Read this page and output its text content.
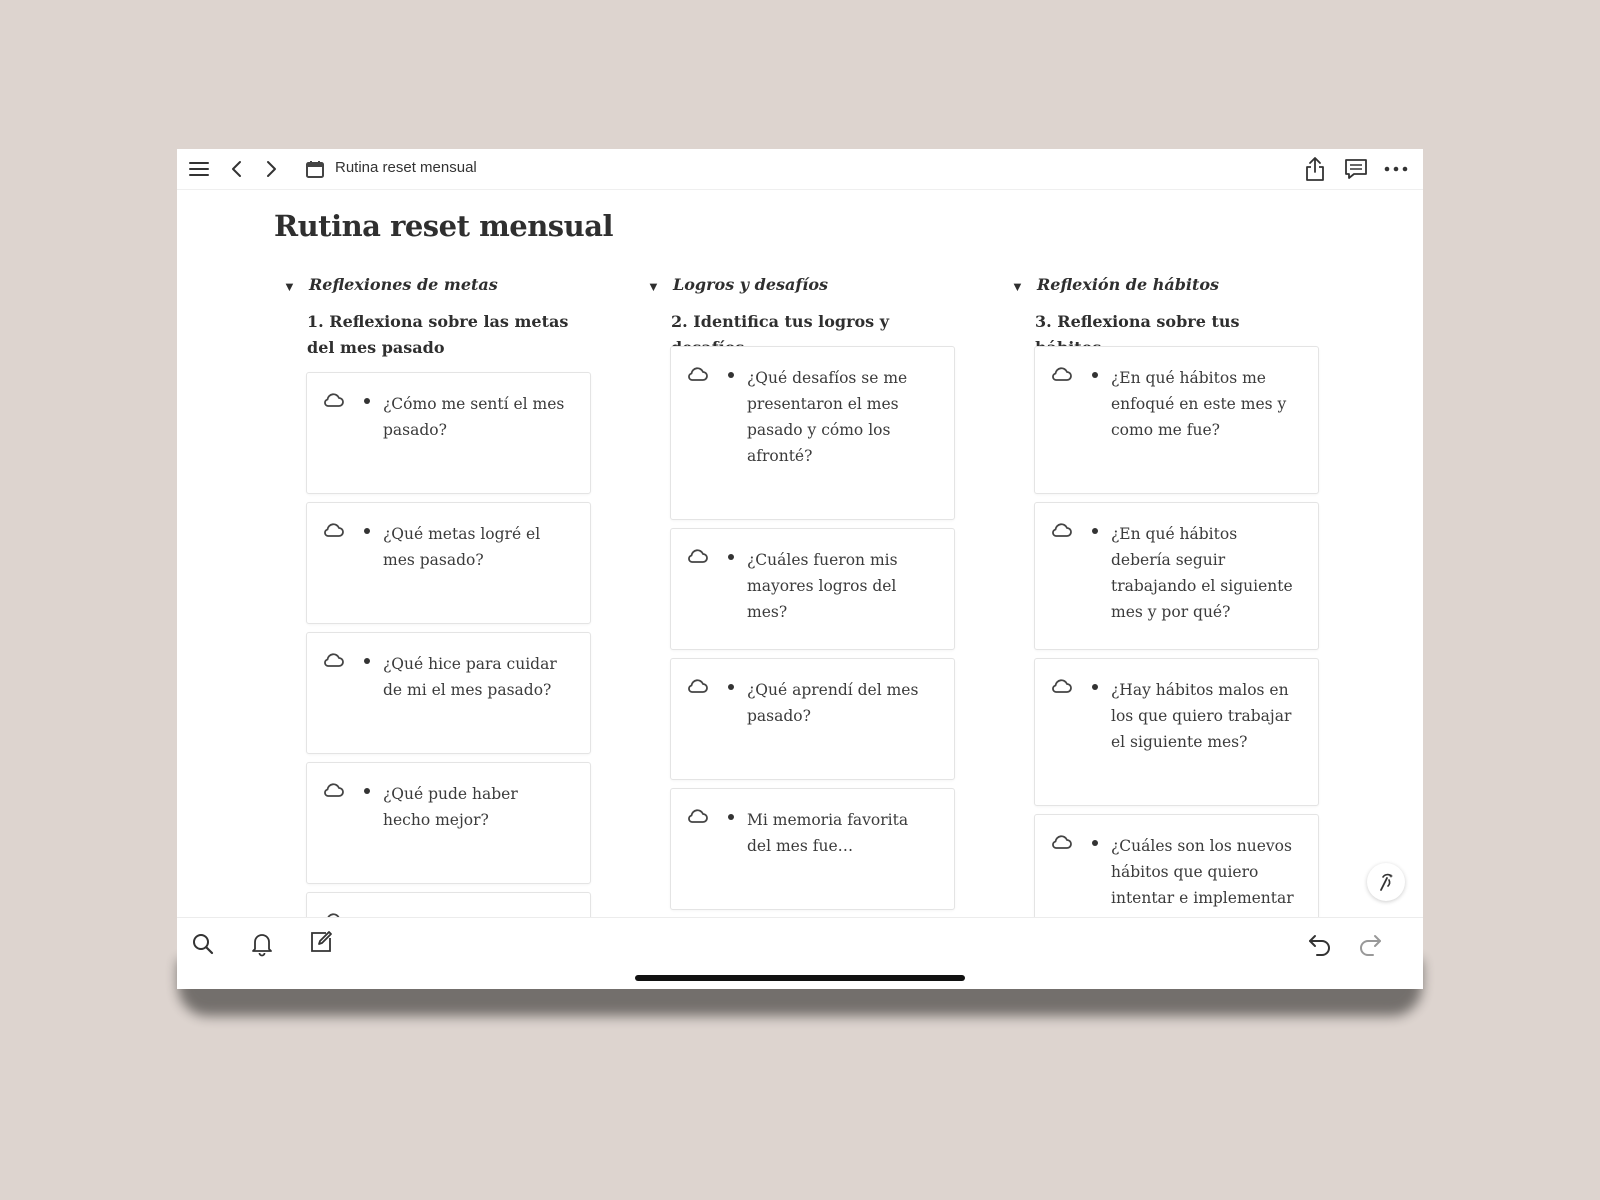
Rutina reset mensual
Rutina reset mensual
▼ Reflexiones de metas
1. Reflexiona sobre las metas del mes pasado
¿Cómo me sentí el mes pasado?
¿Qué metas logré el mes pasado?
¿Qué hice para cuidar de mi el mes pasado?
¿Qué pude haber hecho mejor?
▼ Logros y desafíos
2. Identifica tus logros y
¿Qué desafíos se me presentaron el mes pasado y cómo los afronté?
¿Cuáles fueron mis mayores logros del mes?
¿Qué aprendí del mes pasado?
Mi memoria favorita del mes fue…
▼ Reflexión de hábitos
3. Reflexiona sobre tus
¿En qué hábitos me enfoqué en este mes y como me fue?
¿En qué hábitos debería seguir trabajando el siguiente mes y por qué?
¿Hay hábitos malos en los que quiero trabajar el siguiente mes?
¿Cuáles son los nuevos hábitos que quiero intentar e implementar
